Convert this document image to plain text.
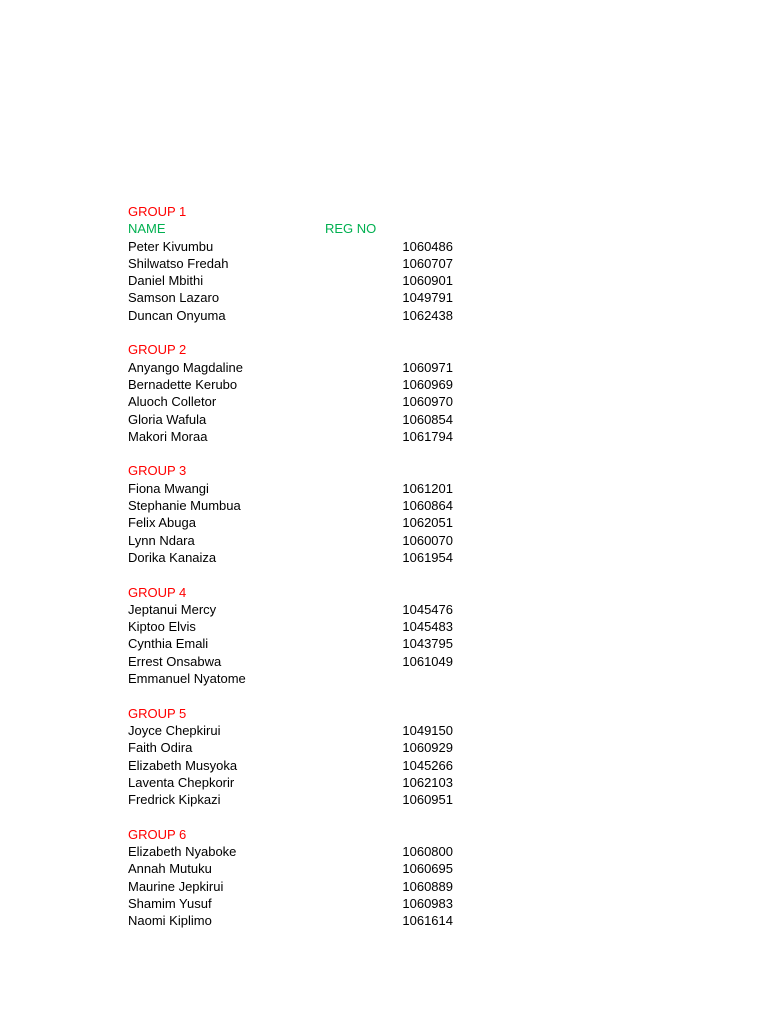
GROUP 1
NAME	REG NO
Peter Kivumbu	1060486
Shilwatso Fredah	1060707
Daniel Mbithi	1060901
Samson Lazaro	1049791
Duncan Onyuma	1062438
GROUP 2
Anyango Magdaline	1060971
Bernadette Kerubo	1060969
Aluoch Colletor	1060970
Gloria Wafula	1060854
Makori Moraa	1061794
GROUP 3
Fiona Mwangi	1061201
Stephanie Mumbua	1060864
Felix Abuga	1062051
Lynn Ndara	1060070
Dorika Kanaiza	1061954
GROUP 4
Jeptanui Mercy	1045476
Kiptoo Elvis	1045483
Cynthia Emali	1043795
Errest Onsabwa	1061049
Emmanuel Nyatome
GROUP 5
Joyce Chepkirui	1049150
Faith Odira	1060929
Elizabeth Musyoka	1045266
Laventa Chepkorir	1062103
Fredrick Kipkazi	1060951
GROUP 6
Elizabeth Nyaboke	1060800
Annah Mutuku	1060695
Maurine Jepkirui	1060889
Shamim Yusuf	1060983
Naomi Kiplimo	1061614
